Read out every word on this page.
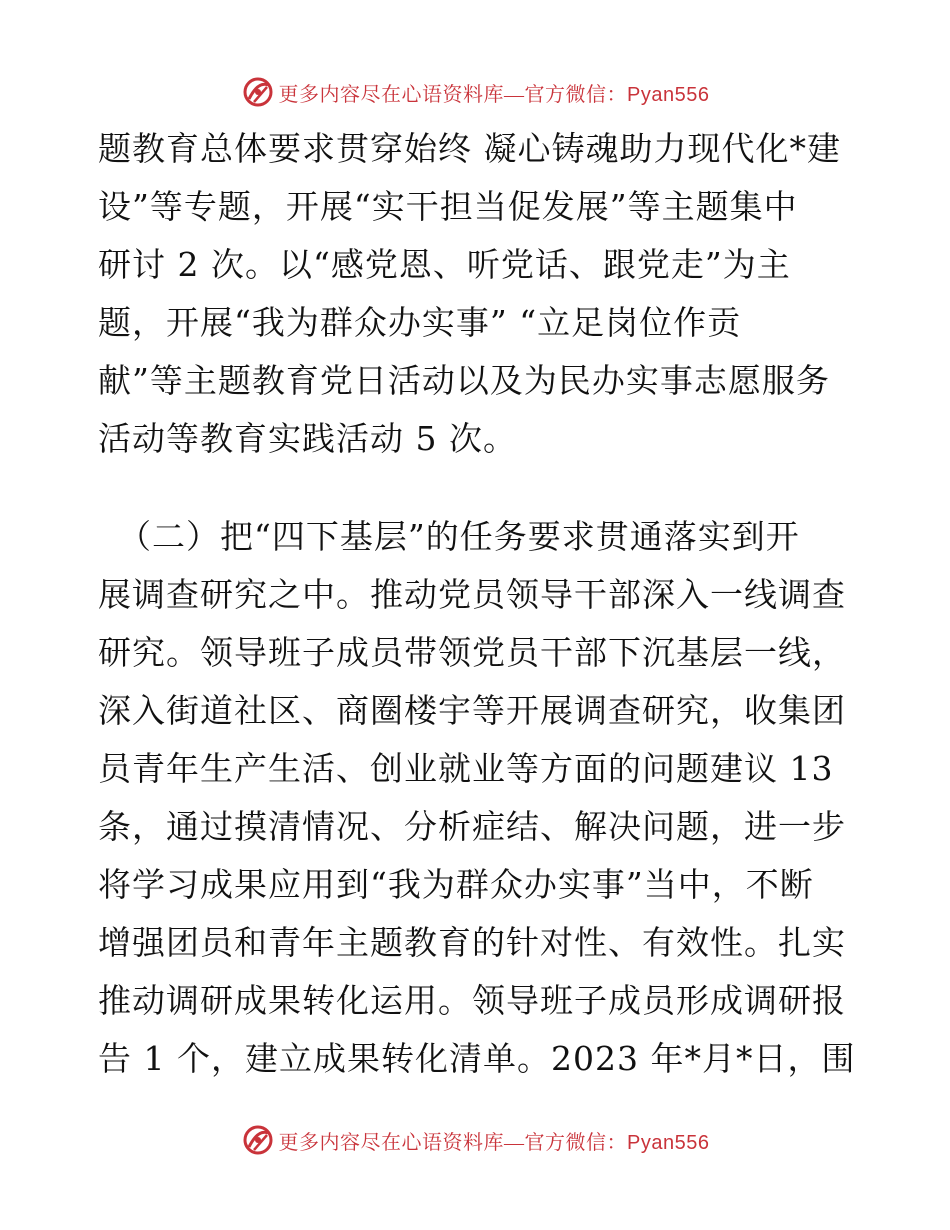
更多内容尽在心语资料库—官方微信：Pyan556
题教育总体要求贯穿始终 凝心铸魂助力现代化*建
设”等专题，开展“实干担当促发展”等主题集中
研讨 2 次。以“感党恩、听党话、跟党走”为主
题，开展“我为群众办实事” “立足岗位作贡
献”等主题教育党日活动以及为民办实事志愿服务
活动等教育实践活动 5 次。
（二）把“四下基层”的任务要求贯通落实到开
展调查研究之中。推动党员领导干部深入一线调查
研究。领导班子成员带领党员干部下沉基层一线，
深入街道社区、商圈楼宇等开展调查研究，收集团
员青年生产生活、创业就业等方面的问题建议 13
条，通过摸清情况、分析症结、解决问题，进一步
将学习成果应用到“我为群众办实事”当中，不断
增强团员和青年主题教育的针对性、有效性。扎实
推动调研成果转化运用。领导班子成员形成调研报
告 1 个，建立成果转化清单。2023 年*月*日，围
更多内容尽在心语资料库—官方微信：Pyan556
